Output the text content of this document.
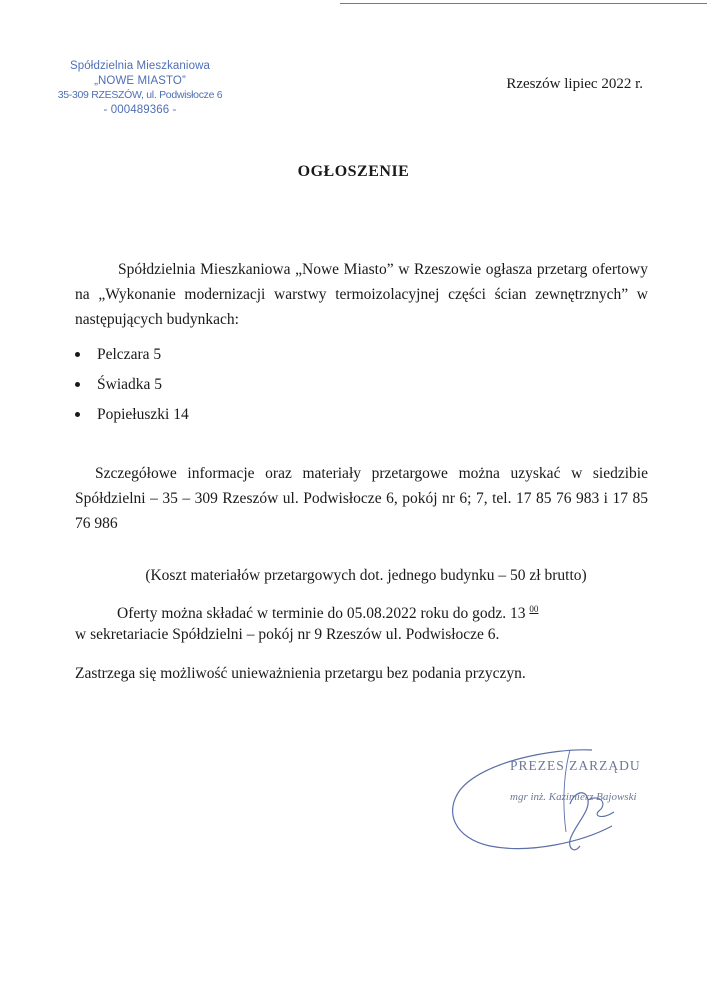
Spółdzielnia Mieszkaniowa
„NOWE MIASTO”
35-309 RZESZÓW, ul. Podwisłocze 6
- 000489366 -
Rzeszów lipiec 2022 r.
OGŁOSZENIE
Spółdzielnia Mieszkaniowa „Nowe Miasto” w Rzeszowie ogłasza przetarg ofertowy na „Wykonanie modernizacji warstwy termoizolacyjnej części ścian zewnętrznych” w następujących budynkach:
Pelczara 5
Świadka 5
Popiełuszki 14
Szczegółowe informacje oraz materiały przetargowe można uzyskać w siedzibie Spółdzielni – 35 – 309 Rzeszów ul. Podwisłocze 6, pokój nr 6; 7, tel. 17 85 76 983 i 17 85 76 986
(Koszt materiałów przetargowych dot. jednego budynku – 50 zł brutto)
Oferty można składać w terminie do 05.08.2022 roku do godz. 13 $^{00}$
w sekretariacie Spółdzielni – pokój nr 9 Rzeszów ul. Podwisłocze 6.
Zastrzega się możliwość unieważnienia przetargu bez podania przyczyn.
PREZES ZARZĄDU
mgr inż. Kazimierz Bajowski
